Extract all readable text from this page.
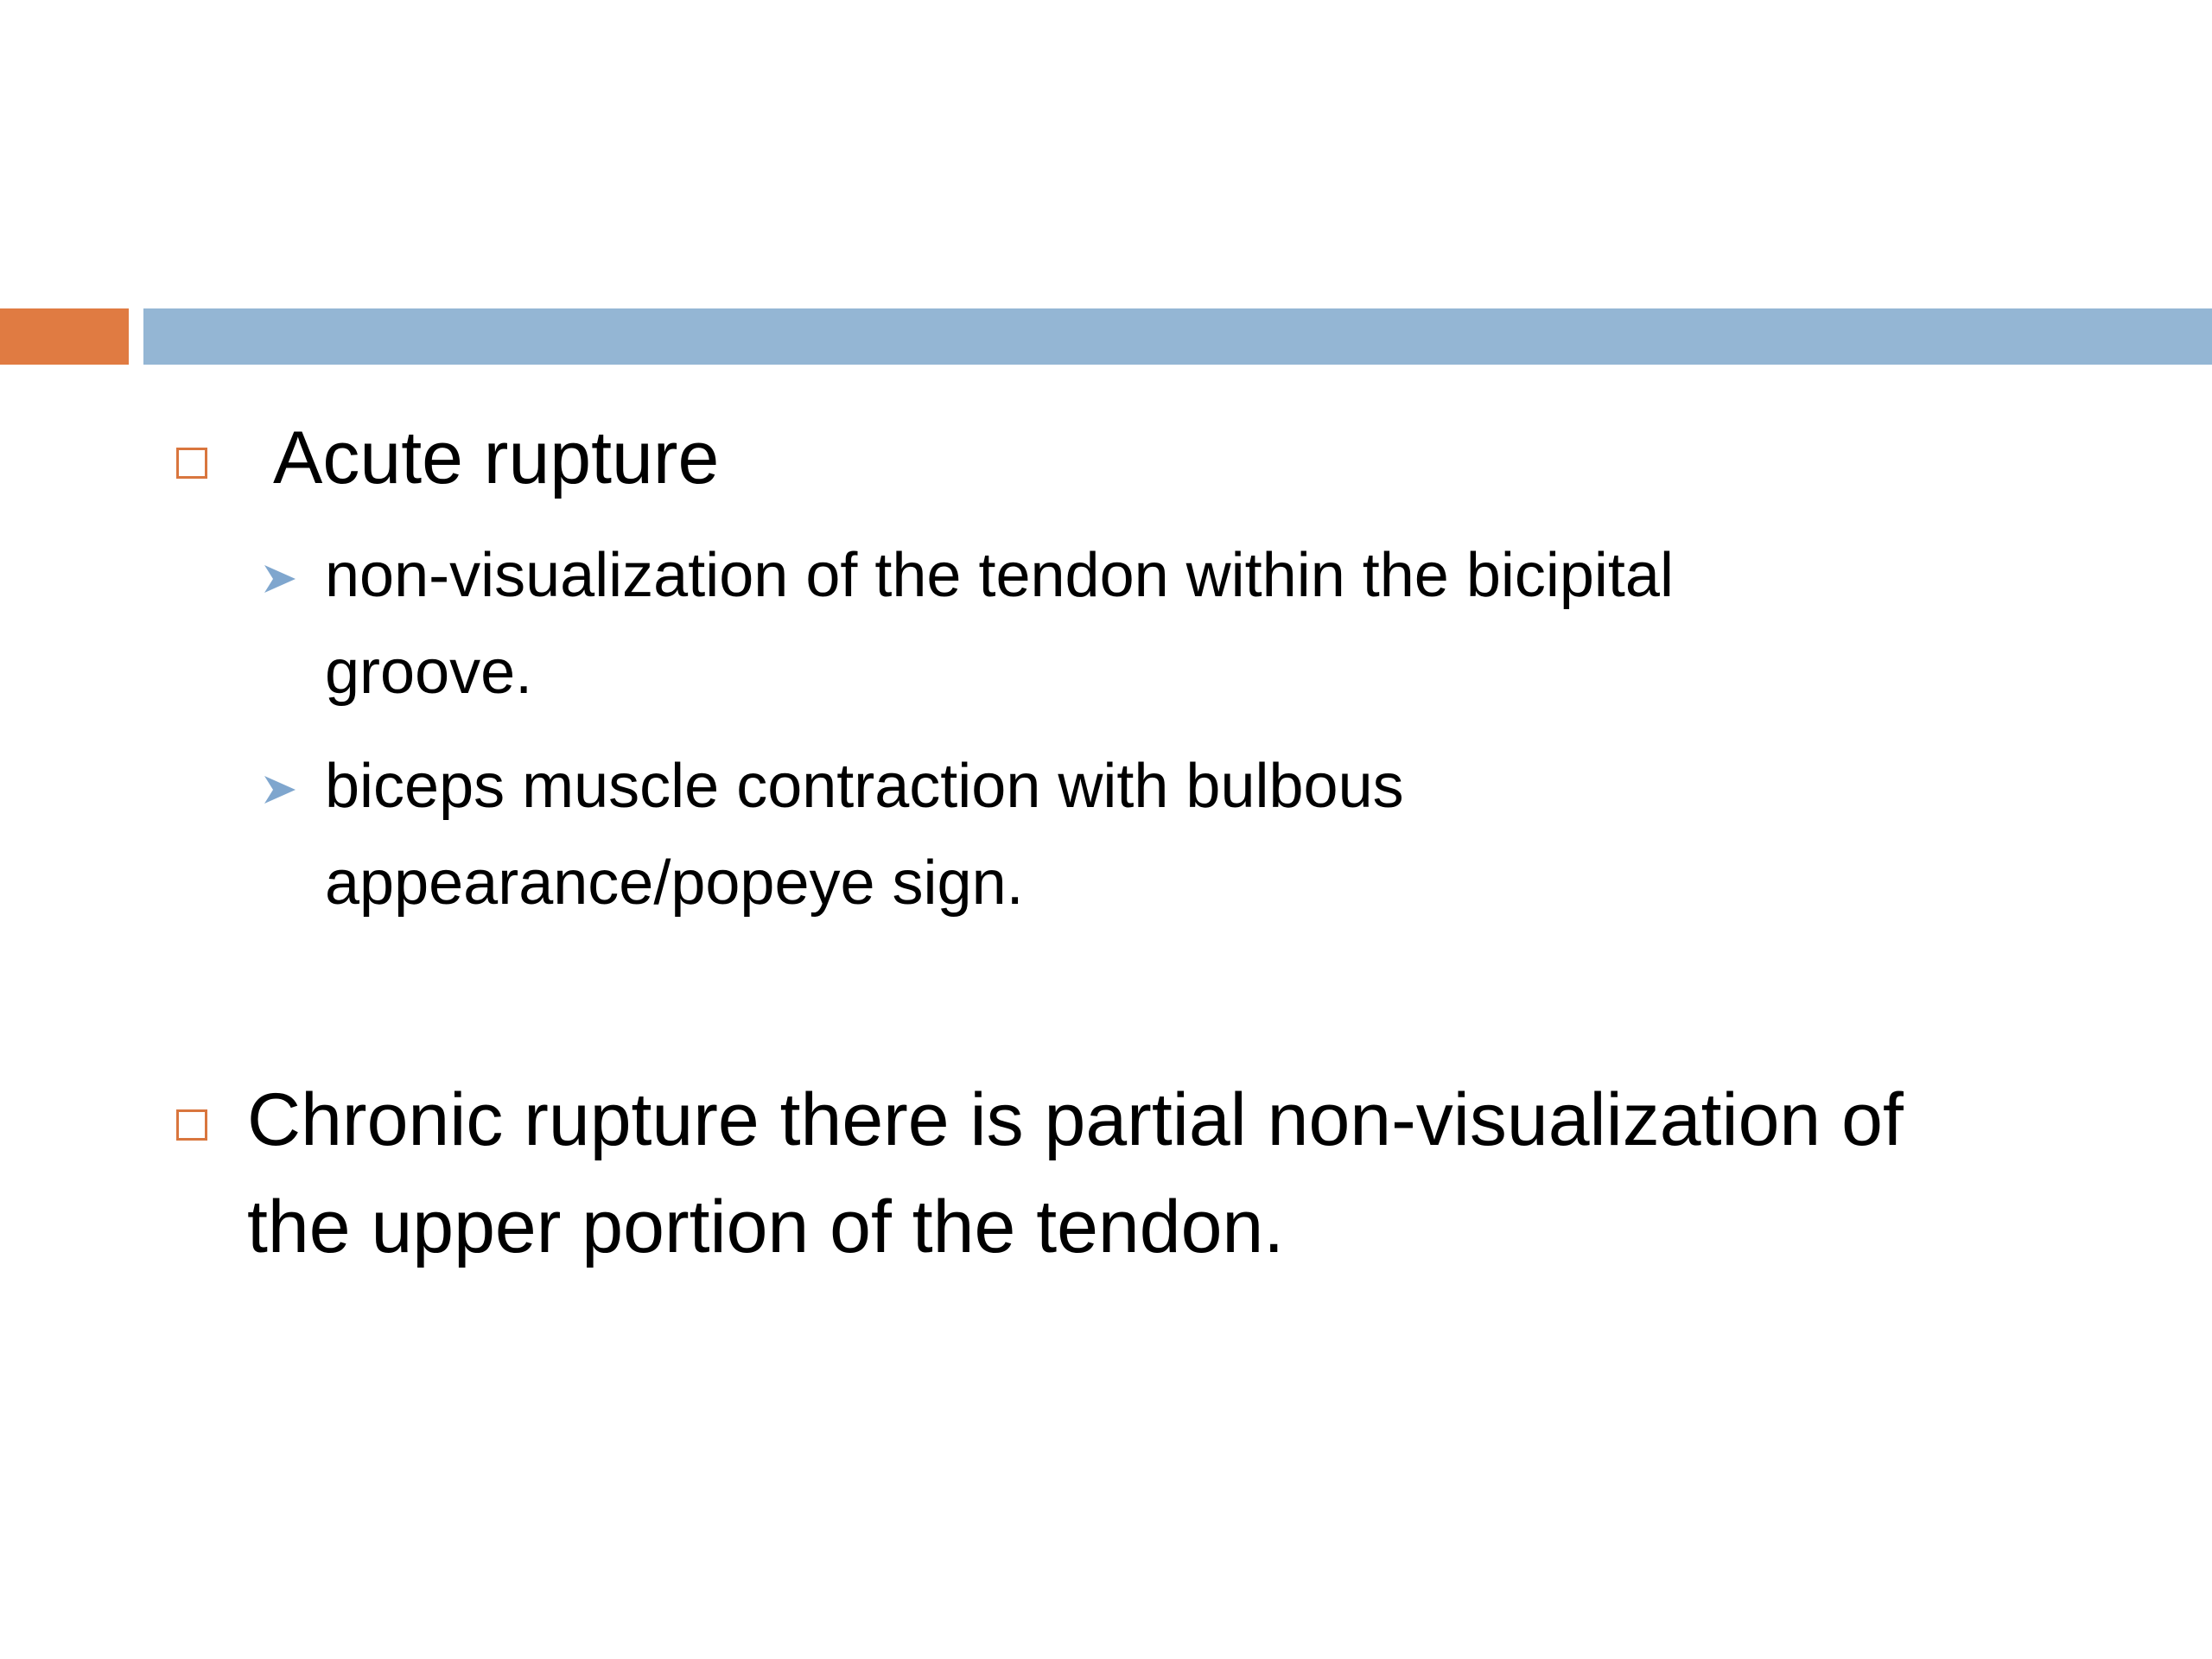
Acute rupture
non-visualization of the tendon within the bicipital
groove.
biceps muscle contraction with bulbous
appearance/popeye sign.
Chronic rupture there is partial non-visualization of
the upper portion of the tendon.
